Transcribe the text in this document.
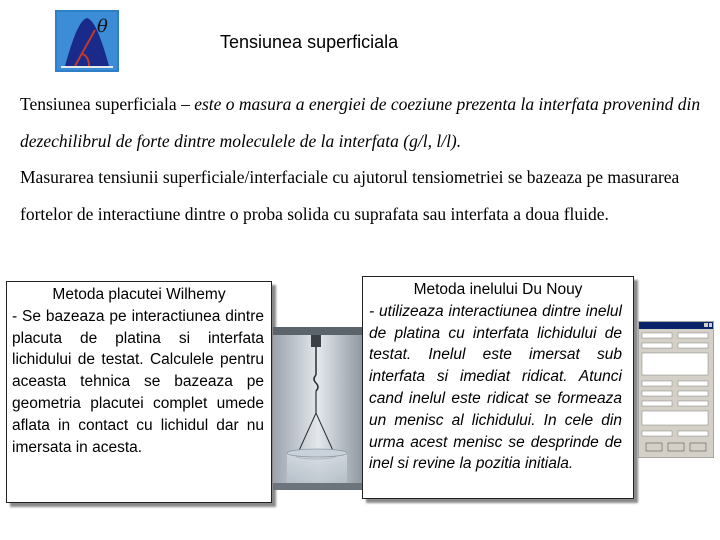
θ
Tensiunea superficiala

Tensiunea superficiala – este o masura a energiei de coeziune prezenta la interfata provenind din dezechilibrul de forte dintre moleculele de la interfata (g/l, l/l).

Masurarea tensiunii superficiale/interfaciale cu ajutorul tensiometriei se bazeaza pe masurarea fortelor de interactiune dintre o proba solida cu suprafata sau interfata a doua fluide.

Metoda placutei Wilhemy
- Se bazeaza pe interactiunea dintre placuta de platina si interfata lichidului de testat. Calculele pentru aceasta tehnica se bazeaza pe geometria placutei complet umede aflata in contact cu lichidul dar nu imersata in acesta.
Metoda inelului Du Nouy
- utilizeaza interactiunea dintre inelul de platina cu interfata lichidului de testat. Inelul este imersat sub interfata si imediat ridicat. Atunci cand inelul este ridicat se formeaza un menisc al lichidului. In cele din urma acest menisc se desprinde de inel si revine la pozitia initiala.
